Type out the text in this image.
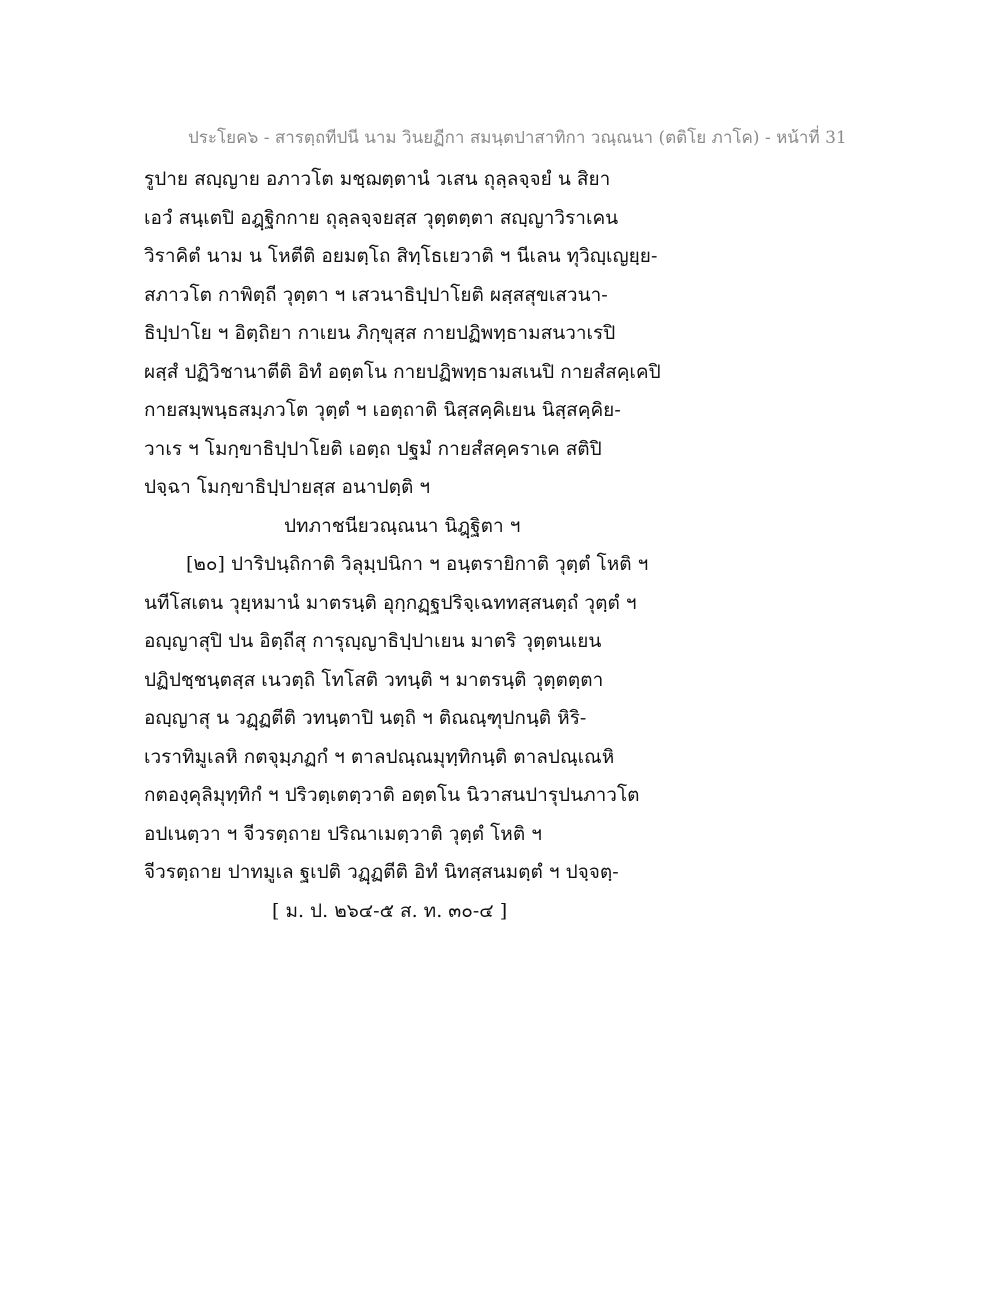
ประโยค๖ - สารตฺถทีปนี นาม วินยฏีกา สมนฺตปาสาทิกา วณฺณนา (ตติโย ภาโค) - หน้าที่ 31
รูปาย สญฺญาย อภาวโต มชฺฌตฺตานํ วเสน ถุลฺลจฺจยํ น สิยา
เอวํ สนฺเตปิ อฎฺฐิกกาย ถุลฺลจฺจยสฺส วุตฺตตฺตา สญฺญาวิราเคน
วิราคิตํ นาม น โหตีติ อยมตฺโถ สิทฺโธเยวาติ ฯ นีเลน ทุวิญฺเญยฺย-
สภาวโต กาพิตฺถี วุตฺตา ฯ เสวนาธิปฺปาโยติ ผสฺสสุขเสวนา-
ธิปฺปาโย ฯ อิตฺถิยา กาเยน ภิกฺขุสฺส กายปฏิพทฺธามสนวาเรปิ
ผสฺสํ ปฏิวิชานาตีติ อิทํ อตฺตโน กายปฏิพทฺธามสเนปิ กายสํสคฺเคปิ
กายสมฺพนฺธสมฺภวโต วุตฺตํ ฯ เอตฺถาติ นิสฺสคฺคิเยน นิสฺสคฺคิย-
วาเร ฯ โมกฺขาธิปฺปาโยติ เอตฺถ ปฐมํ กายสํสคฺคราเค สติปิ
ปจฺฉา โมกฺขาธิปฺปายสฺส อนาปตฺติ ฯ
ปทภาชนียวณฺณนา นิฎฺฐิตา ฯ
[๒๐] ปาริปนฺถิกาติ วิลุมฺปนิกา ฯ อนฺตรายิกาติ วุตฺตํ โหติ ฯ
นทีโสเตน วุยฺหมานํ มาตรนฺติ อุกฺกฏฺฐปริจฺเฉททสฺสนตฺถํ วุตฺตํ ฯ
อญฺญาสุปิ ปน อิตฺถีสุ การุญฺญาธิปฺปาเยน มาตริ วุตฺตนเยน
ปฏิปชฺชนฺตสฺส เนวตฺถิ โทโสติ วทนฺติ ฯ มาตรนฺติ วุตฺตตฺตา
อญฺญาสุ น วฏฺฏตีติ วทนฺตาปิ นตฺถิ ฯ ติณณฺฑุปกนฺติ หิริ-
เวราทิมูเลหิ กตจุมฺภฏกํ ฯ ตาลปณฺณมุทฺทิกนฺติ ตาลปณฺเณหิ
กตองฺคุลิมุทฺทิกํ ฯ ปริวตฺเตตฺวาติ อตฺตโน นิวาสนปารุปนภาวโต
อปเนตฺวา ฯ จีวรตฺถาย ปริณาเมตฺวาติ วุตฺตํ โหติ ฯ
จีวรตฺถาย ปาทมูเล ฐเปติ วฏฺฏตีติ อิทํ นิทสฺสนมตฺตํ ฯ ปจฺจตฺ-
[ ม. ป. ๒๖๔-๕ ส. ท. ๓๐-๔ ]
